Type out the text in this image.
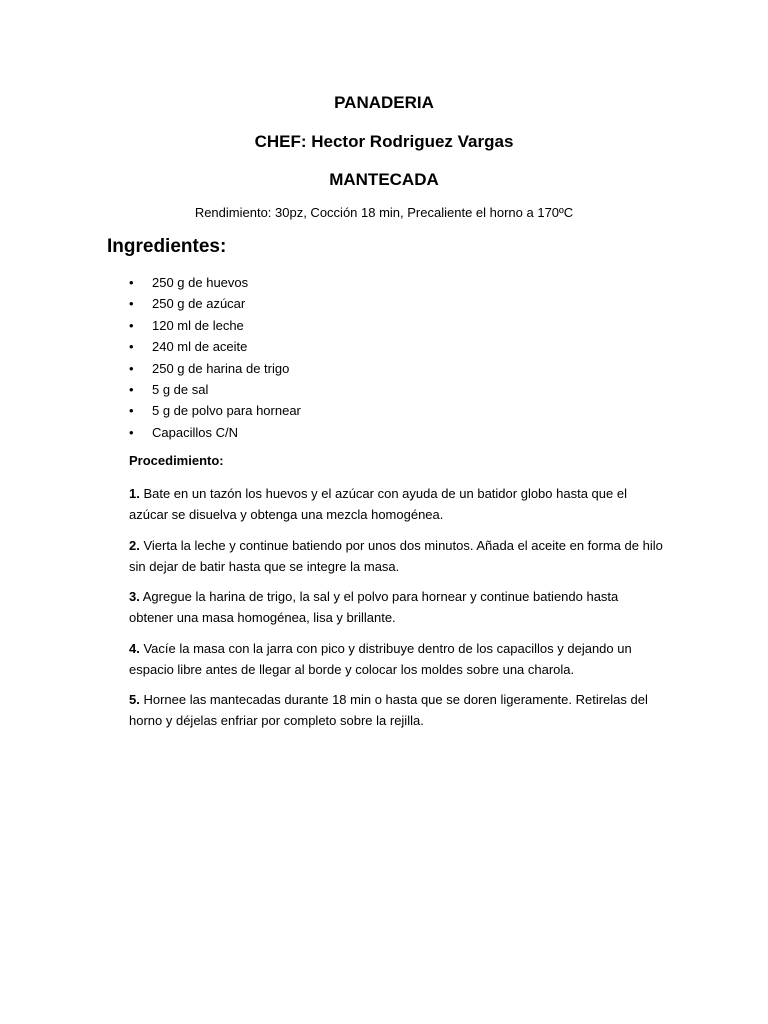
PANADERIA
CHEF: Hector Rodriguez Vargas
MANTECADA
Rendimiento: 30pz, Cocción 18 min, Precaliente el horno a 170ºC
Ingredientes:
• 250 g de huevos
• 250 g de azúcar
• 120 ml de leche
• 240 ml de aceite
• 250 g de harina de trigo
• 5 g de sal
• 5 g de polvo para hornear
• Capacillos C/N
Procedimiento:

1. Bate en un tazón los huevos y el azúcar con ayuda de un batidor globo hasta que el azúcar se disuelva y obtenga una mezcla homogénea.

2. Vierta la leche y continue batiendo por unos dos minutos. Añada el aceite en forma de hilo sin dejar de batir hasta que se integre la masa.

3. Agregue la harina de trigo, la sal y el polvo para hornear y continue batiendo hasta obtener una masa homogénea, lisa y brillante.

4. Vacíe la masa con la jarra con pico y distribuye dentro de los capacillos y dejando un espacio libre antes de llegar al borde y colocar los moldes sobre una charola.

5. Hornee las mantecadas durante 18 min o hasta que se doren ligeramente. Retirelas del horno y déjelas enfriar por completo sobre la rejilla.
